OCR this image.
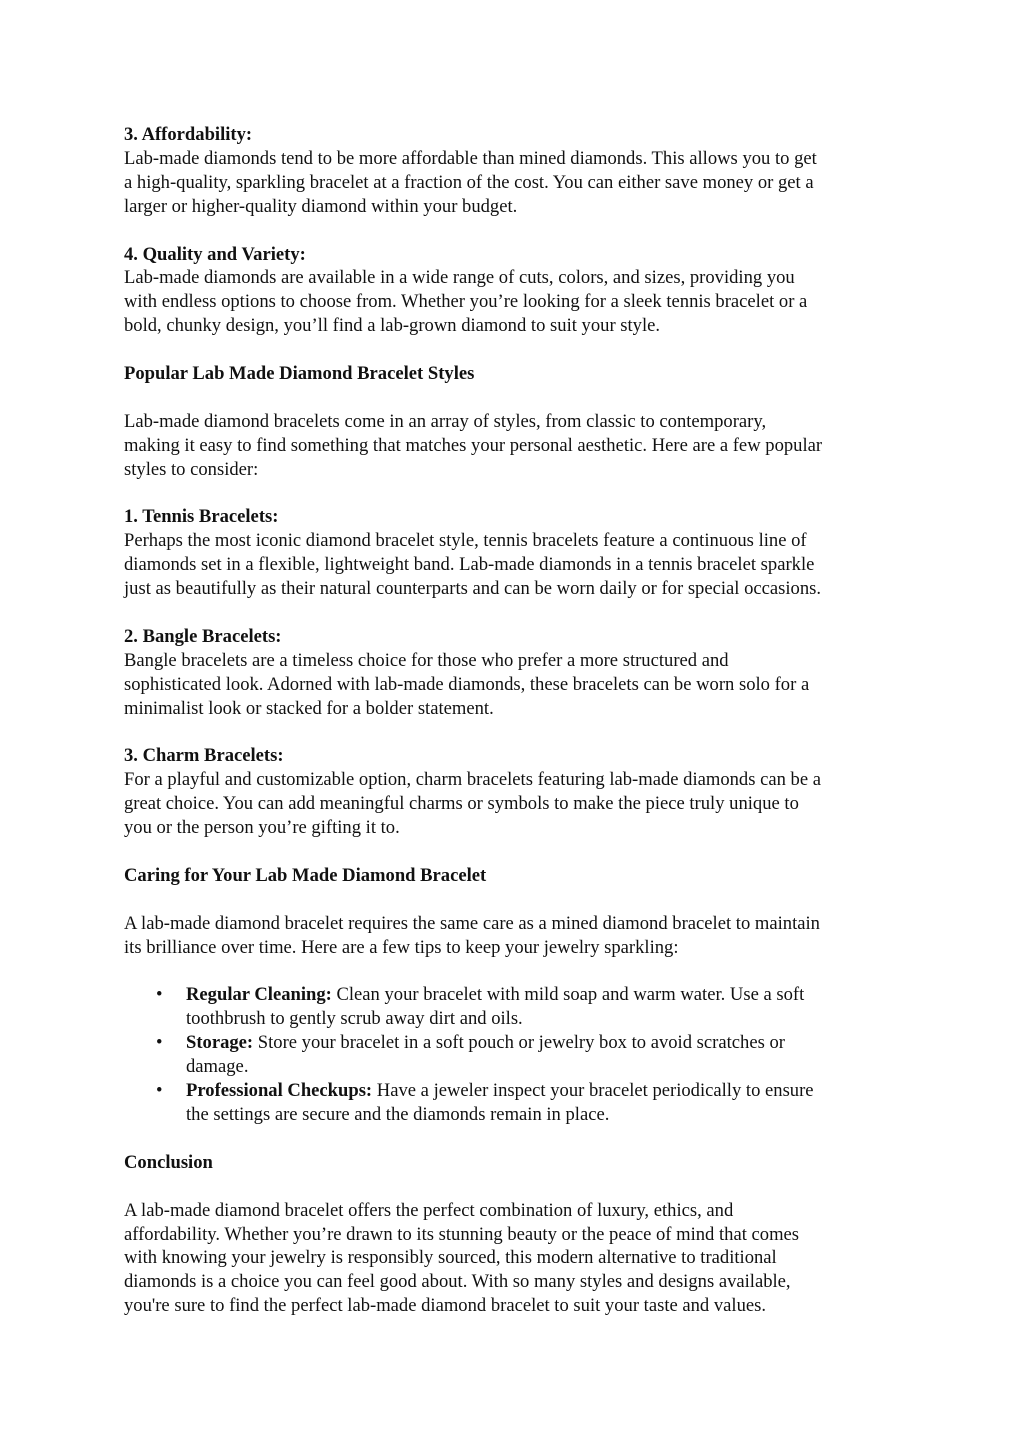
3. Affordability:

Lab-made diamonds tend to be more affordable than mined diamonds. This allows you to get
a high-quality, sparkling bracelet at a fraction of the cost. You can either save money or get a
larger or higher-quality diamond within your budget.

4. Quality and Variety:

Lab-made diamonds are available in a wide range of cuts, colors, and sizes, providing you
with endless options to choose from. Whether you’re looking for a sleek tennis bracelet or a
bold, chunky design, you’ll find a lab-grown diamond to suit your style.

Popular Lab Made Diamond Bracelet Styles

Lab-made diamond bracelets come in an array of styles, from classic to contemporary,
making it easy to find something that matches your personal aesthetic. Here are a few popular
styles to consider:

1. Tennis Bracelets:

Perhaps the most iconic diamond bracelet style, tennis bracelets feature a continuous line of
diamonds set in a flexible, lightweight band. Lab-made diamonds in a tennis bracelet sparkle
just as beautifully as their natural counterparts and can be worn daily or for special occasions.

2. Bangle Bracelets:

Bangle bracelets are a timeless choice for those who prefer a more structured and
sophisticated look. Adorned with lab-made diamonds, these bracelets can be worn solo for a
minimalist look or stacked for a bolder statement.

3. Charm Bracelets:

For a playful and customizable option, charm bracelets featuring lab-made diamonds can be a
great choice. You can add meaningful charms or symbols to make the piece truly unique to
you or the person you’re gifting it to.

Caring for Your Lab Made Diamond Bracelet

A lab-made diamond bracelet requires the same care as a mined diamond bracelet to maintain
its brilliance over time. Here are a few tips to keep your jewelry sparkling:

• Regular Cleaning: Clean your bracelet with mild soap and warm water. Use a soft
toothbrush to gently scrub away dirt and oils.
• Storage: Store your bracelet in a soft pouch or jewelry box to avoid scratches or
damage.
• Professional Checkups: Have a jeweler inspect your bracelet periodically to ensure
the settings are secure and the diamonds remain in place.

Conclusion

A lab-made diamond bracelet offers the perfect combination of luxury, ethics, and
affordability. Whether you’re drawn to its stunning beauty or the peace of mind that comes
with knowing your jewelry is responsibly sourced, this modern alternative to traditional
diamonds is a choice you can feel good about. With so many styles and designs available,
you're sure to find the perfect lab-made diamond bracelet to suit your taste and values.
